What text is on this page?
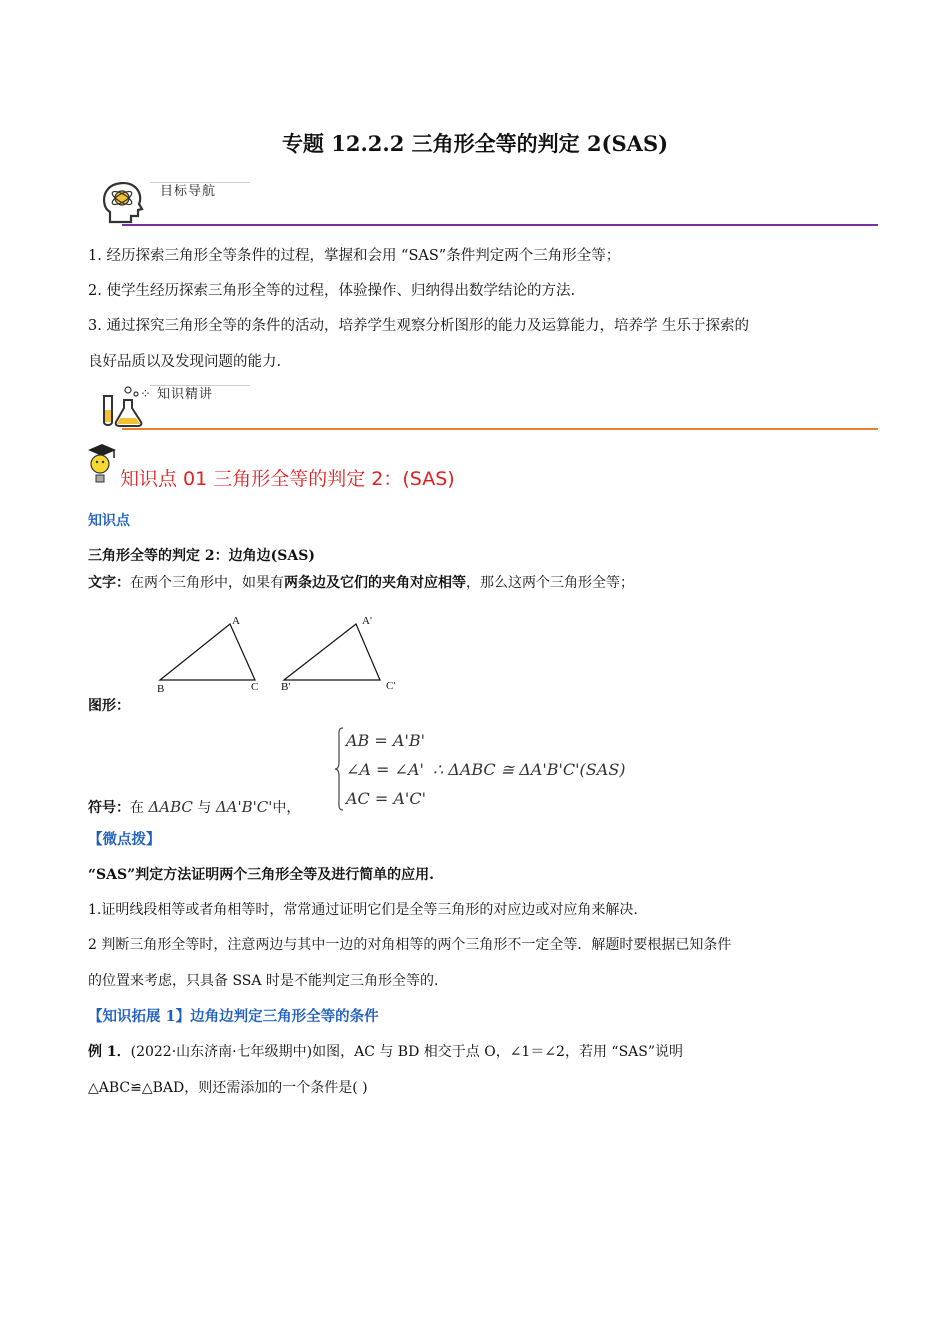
专题 12.2.2 三角形全等的判定 2(SAS)
目标导航
1. 经历探索三角形全等条件的过程，掌握和会用 “SAS”条件判定两个三角形全等；
2. 使学生经历探索三角形全等的过程，体验操作、归纳得出数学结论的方法.
3. 通过探究三角形全等的条件的活动，培养学生观察分析图形的能力及运算能力，培养学 生乐于探索的
良好品质以及发现问题的能力.
⁘ 知识精讲
知识点 01 三角形全等的判定 2：(SAS)
知识点
三角形全等的判定 2：边角边(SAS)
文字：在两个三角形中，如果有两条边及它们的夹角对应相等，那么这两个三角形全等；
A
B	C
A'
B'	C'
图形：
AB = A'B'
∠A = ∠A' ∴ ΔABC ≅ ΔA'B'C'(SAS)
AC = A'C'
符号：在 ΔABC 与 ΔA'B'C'中，
【微点拨】
“SAS”判定方法证明两个三角形全等及进行简单的应用.
1.证明线段相等或者角相等时，常常通过证明它们是全等三角形的对应边或对应角来解决.
2 判断三角形全等时，注意两边与其中一边的对角相等的两个三角形不一定全等．解题时要根据已知条件
的位置来考虑，只具备 SSA 时是不能判定三角形全等的.
【知识拓展 1】边角边判定三角形全等的条件
例 1．(2022·山东济南·七年级期中)如图，AC 与 BD 相交于点 O，∠1＝∠2，若用 “SAS”说明
△ABC≌△BAD，则还需添加的一个条件是( )
